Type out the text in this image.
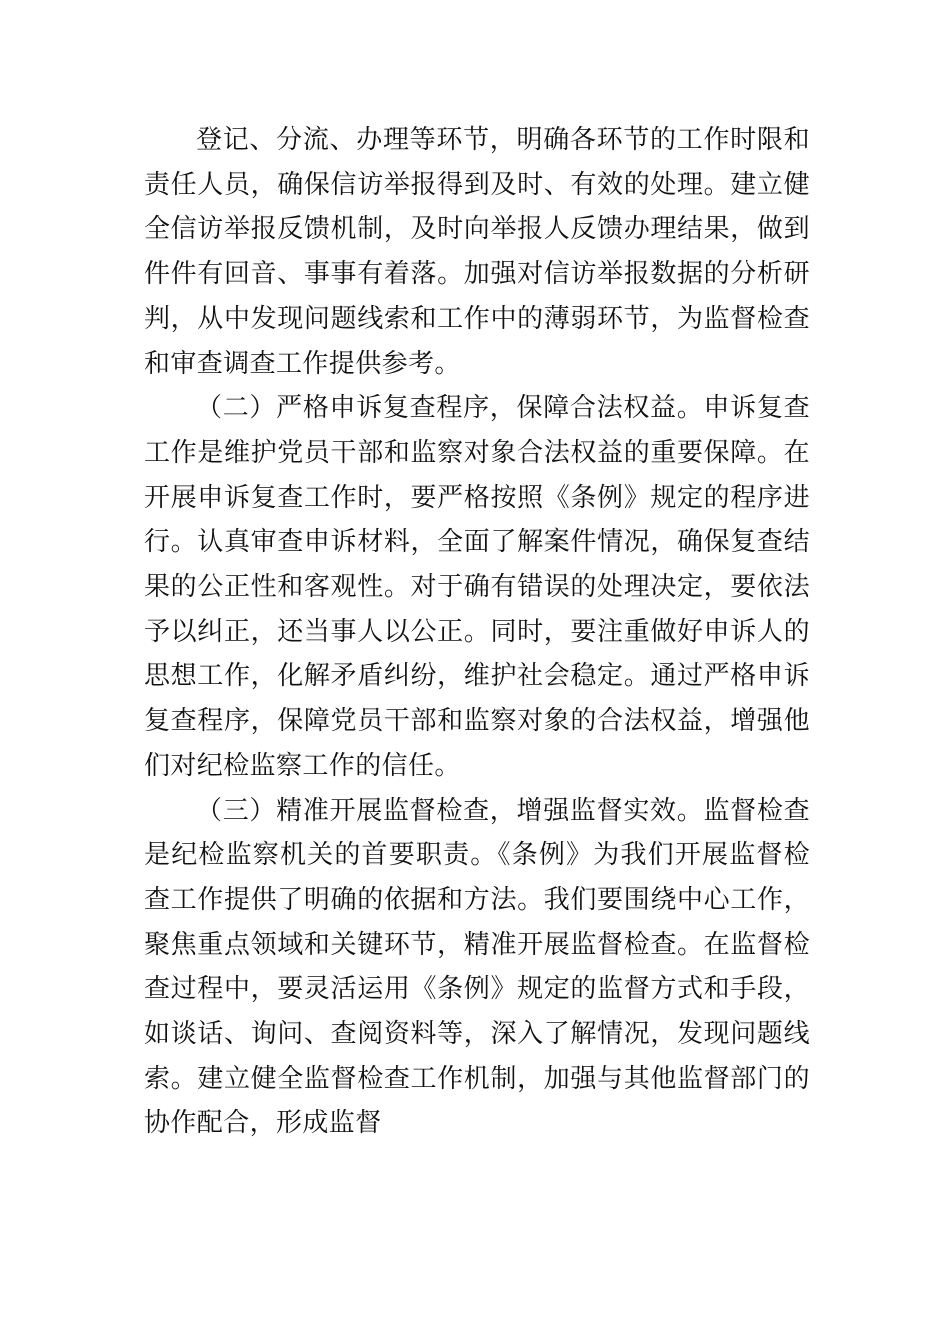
登记、分流、办理等环节，明确各环节的工作时限和责任人员，确保信访举报得到及时、有效的处理。建立健全信访举报反馈机制，及时向举报人反馈办理结果，做到件件有回音、事事有着落。加强对信访举报数据的分析研判，从中发现问题线索和工作中的薄弱环节，为监督检查和审查调查工作提供参考。

（二）严格申诉复查程序，保障合法权益。申诉复查工作是维护党员干部和监察对象合法权益的重要保障。在开展申诉复查工作时，要严格按照《条例》规定的程序进行。认真审查申诉材料，全面了解案件情况，确保复查结果的公正性和客观性。对于确有错误的处理决定，要依法予以纠正，还当事人以公正。同时，要注重做好申诉人的思想工作，化解矛盾纠纷，维护社会稳定。通过严格申诉复查程序，保障党员干部和监察对象的合法权益，增强他们对纪检监察工作的信任。

（三）精准开展监督检查，增强监督实效。监督检查是纪检监察机关的首要职责。《条例》为我们开展监督检查工作提供了明确的依据和方法。我们要围绕中心工作，聚焦重点领域和关键环节，精准开展监督检查。在监督检查过程中，要灵活运用《条例》规定的监督方式和手段，如谈话、询问、查阅资料等，深入了解情况，发现问题线索。建立健全监督检查工作机制，加强与其他监督部门的协作配合，形成监督
